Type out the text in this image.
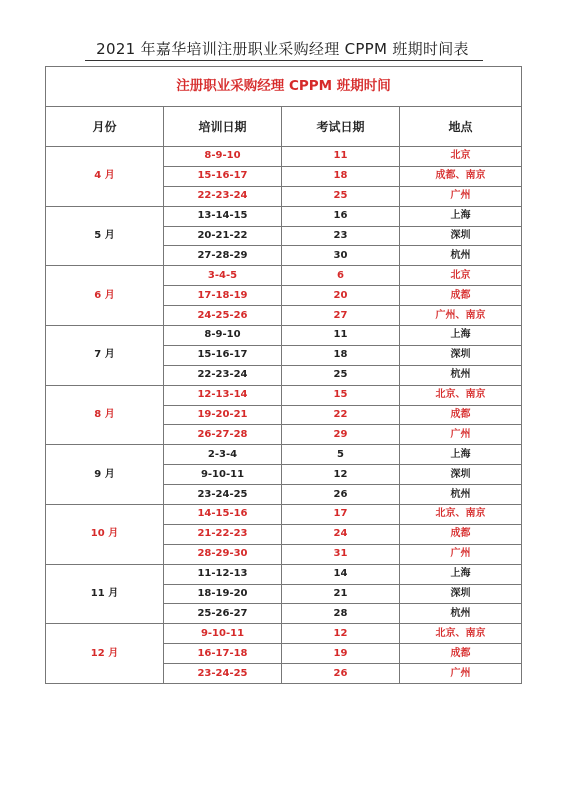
2021 年嘉华培训注册职业采购经理 CPPM 班期时间表
注册职业采购经理 CPPM 班期时间			
月份	培训日期	考试日期	地点
4 月	8-9-10	11	北京
	15-16-17	18	成都、南京
	22-23-24	25	广州
5 月	13-14-15	16	上海
	20-21-22	23	深圳
	27-28-29	30	杭州
6 月	3-4-5	6	北京
	17-18-19	20	成都
	24-25-26	27	广州、南京
7 月	8-9-10	11	上海
	15-16-17	18	深圳
	22-23-24	25	杭州
8 月	12-13-14	15	北京、南京
	19-20-21	22	成都
	26-27-28	29	广州
9 月	2-3-4	5	上海
	9-10-11	12	深圳
	23-24-25	26	杭州
10 月	14-15-16	17	北京、南京
	21-22-23	24	成都
	28-29-30	31	广州
11 月	11-12-13	14	上海
	18-19-20	21	深圳
	25-26-27	28	杭州
12 月	9-10-11	12	北京、南京
	16-17-18	19	成都
	23-24-25	26	广州
